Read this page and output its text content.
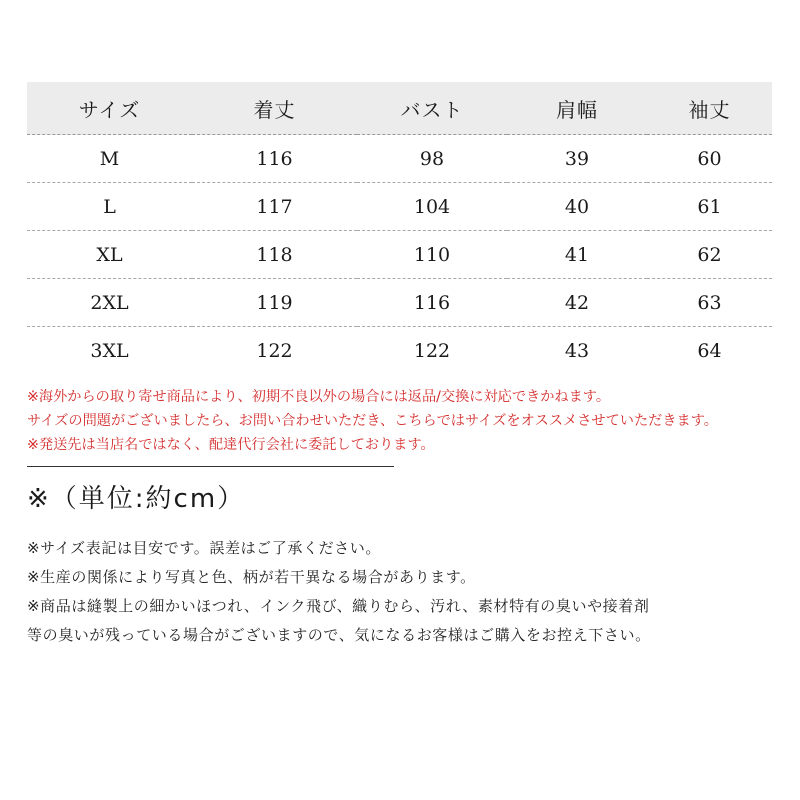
サイズ	着丈	バスト	肩幅	袖丈
M	116	98	39	60
L	117	104	40	61
XL	118	110	41	62
2XL	119	116	42	63
3XL	122	122	43	64
※海外からの取り寄せ商品により、初期不良以外の場合には返品/交換に対応できかねます。
サイズの問題がございましたら、お問い合わせいただき、こちらではサイズをオススメさせていただきます。
※発送先は当店名ではなく、配達代行会社に委託しております。
※（単位:約cm）
※サイズ表記は目安です。誤差はご了承ください。
※生産の関係により写真と色、柄が若干異なる場合があります。
※商品は縫製上の細かいほつれ、インク飛び、織りむら、汚れ、素材特有の臭いや接着剤
等の臭いが残っている場合がございますので、気になるお客様はご購入をお控え下さい。
